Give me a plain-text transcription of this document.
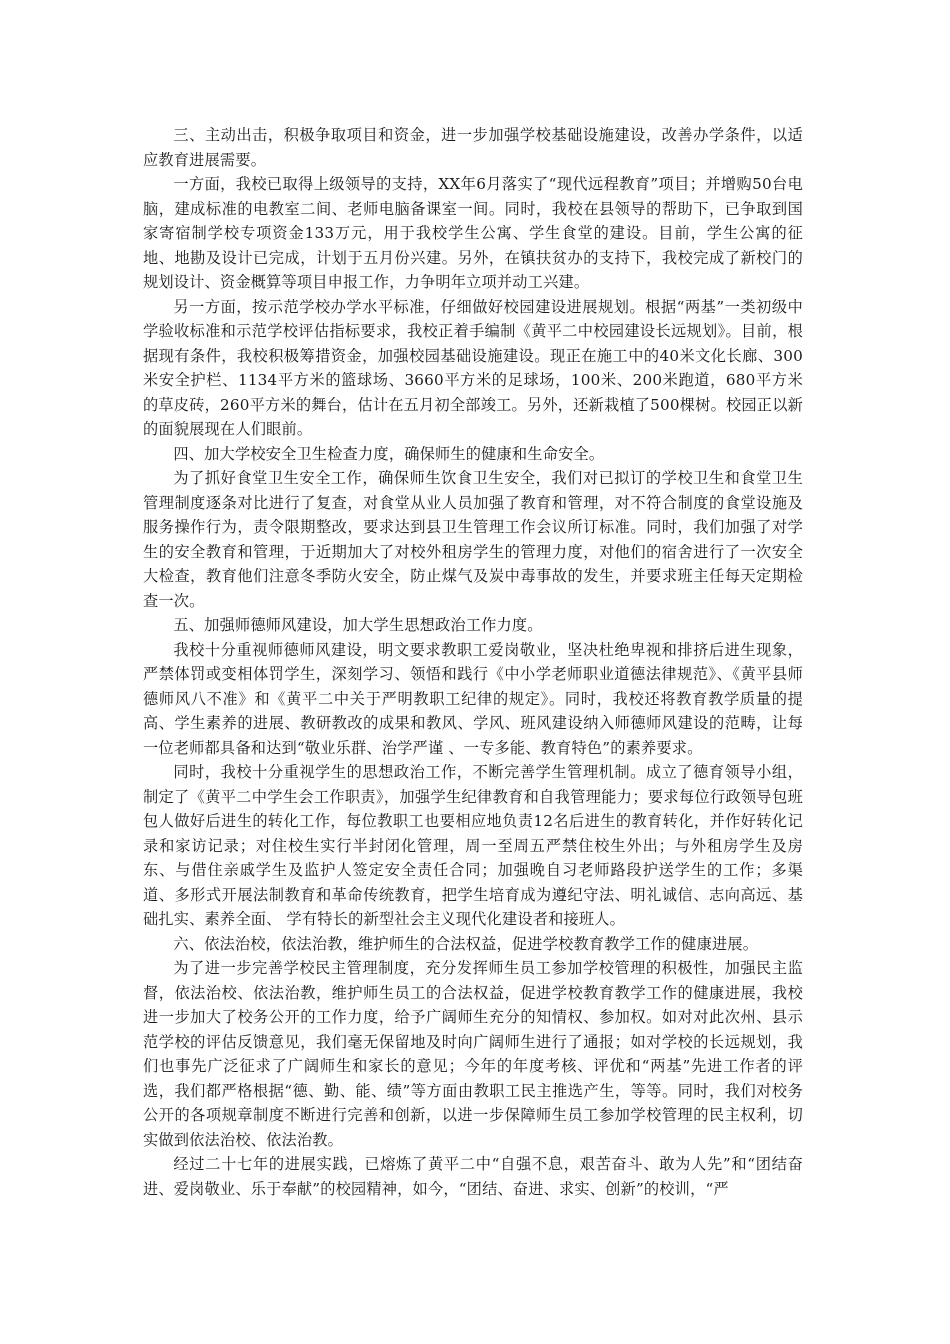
三、主动出击，积极争取项目和资金，进一步加强学校基础设施建设，改善办学条件，以适应教育进展需要。

一方面，我校已取得上级领导的支持，XX年6月落实了“现代远程教育”项目；并增购50台电脑，建成标准的电教室二间、老师电脑备课室一间。同时，我校在县领导的帮助下，已争取到国家寄宿制学校专项资金133万元，用于我校学生公寓、学生食堂的建设。目前，学生公寓的征地、地勘及设计已完成，计划于五月份兴建。另外，在镇扶贫办的支持下，我校完成了新校门的规划设计、资金概算等项目申报工作，力争明年立项并动工兴建。

另一方面，按示范学校办学水平标准，仔细做好校园建设进展规划。根据“两基”一类初级中学验收标准和示范学校评估指标要求，我校正着手编制《黄平二中校园建设长远规划》。目前，根据现有条件，我校积极筹措资金，加强校园基础设施建设。现正在施工中的40米文化长廊、300米安全护栏、1134平方米的篮球场、3660平方米的足球场，100米、200米跑道，680平方米的草皮砖，260平方米的舞台，估计在五月初全部竣工。另外，还新栽植了500棵树。校园正以新的面貌展现在人们眼前。

四、加大学校安全卫生检查力度，确保师生的健康和生命安全。

为了抓好食堂卫生安全工作，确保师生饮食卫生安全，我们对已拟订的学校卫生和食堂卫生管理制度逐条对比进行了复查，对食堂从业人员加强了教育和管理，对不符合制度的食堂设施及服务操作行为，责令限期整改，要求达到县卫生管理工作会议所订标准。同时，我们加强了对学生的安全教育和管理，于近期加大了对校外租房学生的管理力度，对他们的宿舍进行了一次安全大检查，教育他们注意冬季防火安全，防止煤气及炭中毒事故的发生，并要求班主任每天定期检查一次。

五、加强师德师风建设，加大学生思想政治工作力度。

我校十分重视师德师风建设，明文要求教职工爱岗敬业，坚决杜绝卑视和排挤后进生现象，严禁体罚或变相体罚学生，深刻学习、领悟和践行《中小学老师职业道德法律规范》、《黄平县师德师风八不准》和《黄平二中关于严明教职工纪律的规定》。同时，我校还将教育教学质量的提高、学生素养的进展、教研教改的成果和教风、学风、班风建设纳入师德师风建设的范畴，让每一位老师都具备和达到“敬业乐群、治学严谨 、一专多能、教育特色”的素养要求。

同时，我校十分重视学生的思想政治工作，不断完善学生管理机制。成立了德育领导小组，制定了《黄平二中学生会工作职责》，加强学生纪律教育和自我管理能力；要求每位行政领导包班包人做好后进生的转化工作，每位教职工也要相应地负责12名后进生的教育转化，并作好转化记录和家访记录；对住校生实行半封闭化管理，周一至周五严禁住校生外出；与外租房学生及房东、与借住亲戚学生及监护人签定安全责任合同；加强晚自习老师路段护送学生的工作；多渠道、多形式开展法制教育和革命传统教育，把学生培育成为遵纪守法、明礼诚信、志向高远、基础扎实、素养全面、 学有特长的新型社会主义现代化建设者和接班人。

六、依法治校，依法治教，维护师生的合法权益，促进学校教育教学工作的健康进展。

为了进一步完善学校民主管理制度，充分发挥师生员工参加学校管理的积极性，加强民主监督，依法治校、依法治教，维护师生员工的合法权益，促进学校教育教学工作的健康进展，我校进一步加大了校务公开的工作力度，给予广阔师生充分的知情权、参加权。如对对此次州、县示范学校的评估反馈意见，我们毫无保留地及时向广阔师生进行了通报；如对学校的长远规划，我们也事先广泛征求了广阔师生和家长的意见；今年的年度考核、评优和“两基”先进工作者的评选，我们都严格根据“德、勤、能、绩”等方面由教职工民主推选产生，等等。同时，我们对校务公开的各项规章制度不断进行完善和创新，以进一步保障师生员工参加学校管理的民主权利，切实做到依法治校、依法治教。

经过二十七年的进展实践，已熔炼了黄平二中“自强不息，艰苦奋斗、敢为人先”和“团结奋进、爱岗敬业、乐于奉献”的校园精神，如今，“团结、奋进、求实、创新”的校训，“严
